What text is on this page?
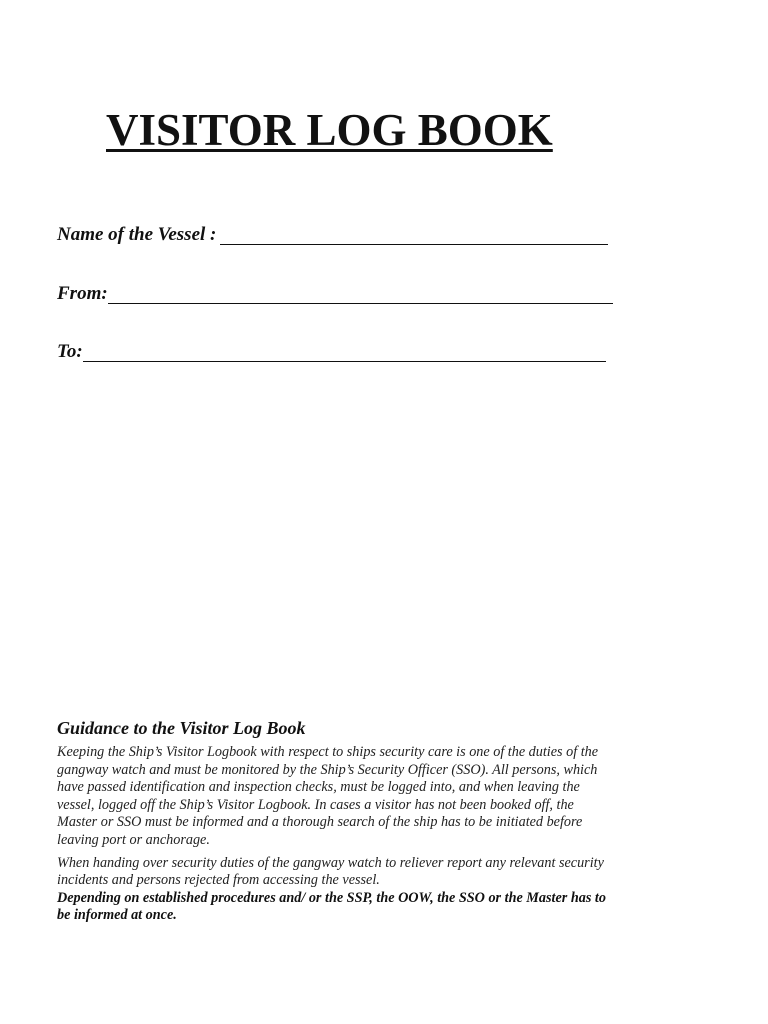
VISITOR LOG BOOK
Name of the Vessel :
From:
To:
Guidance to the Visitor Log Book

Keeping the Ship’s Visitor Logbook with respect to ships security care is one of the duties of the gangway watch and must be monitored by the Ship’s Security Officer (SSO). All persons, which have passed identification and inspection checks, must be logged into, and when leaving the vessel, logged off the Ship’s Visitor Logbook. In cases a visitor has not been booked off, the Master or SSO must be informed and a thorough search of the ship has to be initiated before leaving port or anchorage.

When handing over security duties of the gangway watch to reliever report any relevant security incidents and persons rejected from accessing the vessel.

Depending on established procedures and/ or the SSP, the OOW, the SSO or the Master has to be informed at once.
